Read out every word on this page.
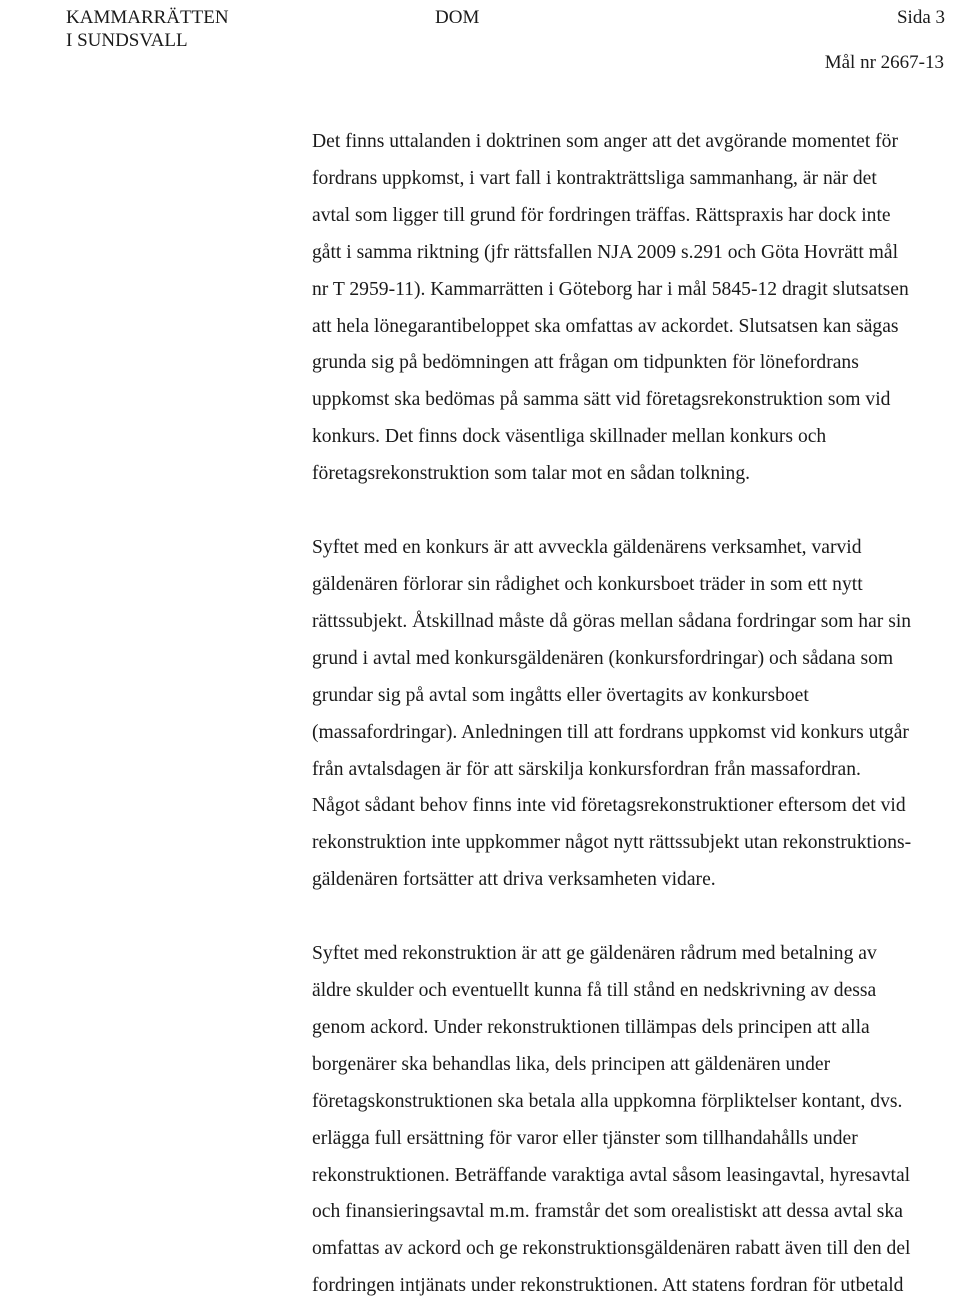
KAMMARRÄTTEN
I SUNDSVALL
DOM	Sida 3
Mål nr 2667-13

Det finns uttalanden i doktrinen som anger att det avgörande momentet för
fordrans uppkomst, i vart fall i kontrakträttsliga sammanhang, är när det
avtal som ligger till grund för fordringen träffas. Rättspraxis har dock inte
gått i samma riktning (jfr rättsfallen NJA 2009 s.291 och Göta Hovrätt mål
nr T 2959-11). Kammarrätten i Göteborg har i mål 5845-12 dragit slutsatsen
att hela lönegarantibeloppet ska omfattas av ackordet. Slutsatsen kan sägas
grunda sig på bedömningen att frågan om tidpunkten för lönefordrans
uppkomst ska bedömas på samma sätt vid företagsrekonstruktion som vid
konkurs. Det finns dock väsentliga skillnader mellan konkurs och
företagsrekonstruktion som talar mot en sådan tolkning.

Syftet med en konkurs är att avveckla gäldenärens verksamhet, varvid
gäldenären förlorar sin rådighet och konkursboet träder in som ett nytt
rättssubjekt. Åtskillnad måste då göras mellan sådana fordringar som har sin
grund i avtal med konkursgäldenären (konkursfordringar) och sådana som
grundar sig på avtal som ingåtts eller övertagits av konkursboet
(massafordringar). Anledningen till att fordrans uppkomst vid konkurs utgår
från avtalsdagen är för att särskilja konkursfordran från massafordran.
Något sådant behov finns inte vid företagsrekonstruktioner eftersom det vid
rekonstruktion inte uppkommer något nytt rättssubjekt utan rekonstruktions-
gäldenären fortsätter att driva verksamheten vidare.

Syftet med rekonstruktion är att ge gäldenären rådrum med betalning av
äldre skulder och eventuellt kunna få till stånd en nedskrivning av dessa
genom ackord. Under rekonstruktionen tillämpas dels principen att alla
borgenärer ska behandlas lika, dels principen att gäldenären under
företagskonstruktionen ska betala alla uppkomna förpliktelser kontant, dvs.
erlägga full ersättning för varor eller tjänster som tillhandahålls under
rekonstruktionen. Beträffande varaktiga avtal såsom leasingavtal, hyresavtal
och finansieringsavtal m.m. framstår det som orealistiskt att dessa avtal ska
omfattas av ackord och ge rekonstruktionsgäldenären rabatt även till den del
fordringen intjänats under rekonstruktionen. Att statens fordran för utbetald
